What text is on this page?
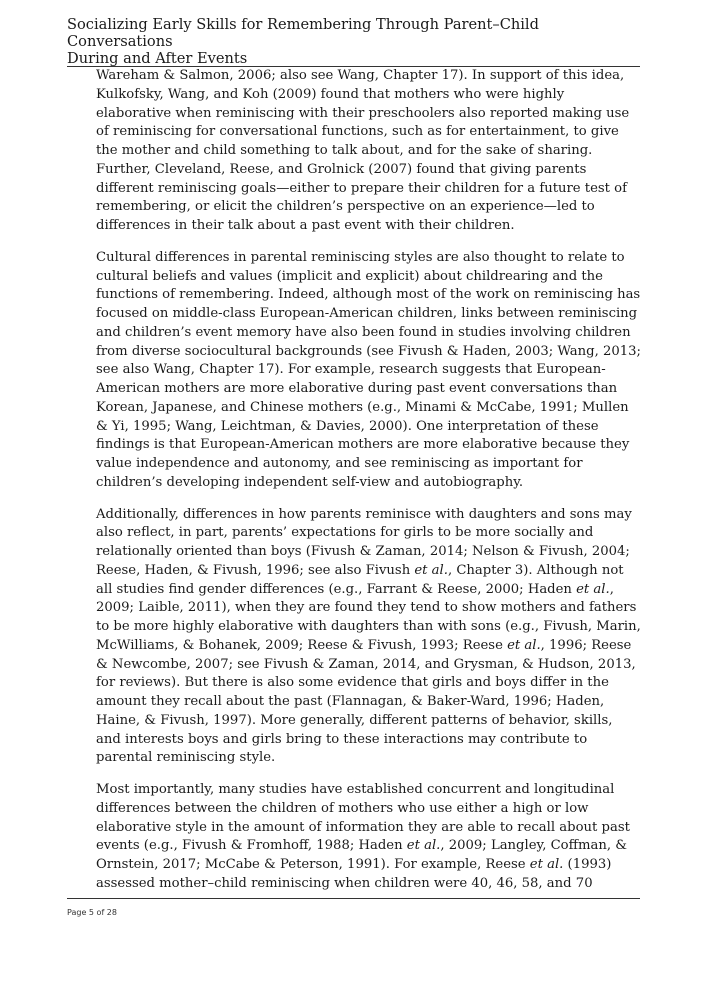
Socializing Early Skills for Remembering Through Parent–Child Conversations
During and After Events

Wareham & Salmon, 2006; also see Wang, Chapter 17). In support of this idea,
Kulkofsky, Wang, and Koh (2009) found that mothers who were highly
elaborative when reminiscing with their preschoolers also reported making use
of reminiscing for conversational functions, such as for entertainment, to give
the mother and child something to talk about, and for the sake of sharing.
Further, Cleveland, Reese, and Grolnick (2007) found that giving parents
different reminiscing goals—either to prepare their children for a future test of
remembering, or elicit the children’s perspective on an experience—led to
differences in their talk about a past event with their children.

Cultural differences in parental reminiscing styles are also thought to relate to
cultural beliefs and values (implicit and explicit) about childrearing and the
functions of remembering. Indeed, although most of the work on reminiscing has
focused on middle-class European-American children, links between reminiscing
and children’s event memory have also been found in studies involving children
from diverse sociocultural backgrounds (see Fivush & Haden, 2003; Wang, 2013;
see also Wang, Chapter 17). For example, research suggests that European-
American mothers are more elaborative during past event conversations than
Korean, Japanese, and Chinese mothers (e.g., Minami & McCabe, 1991; Mullen
& Yi, 1995; Wang, Leichtman, & Davies, 2000). One interpretation of these
findings is that European-American mothers are more elaborative because they
value independence and autonomy, and see reminiscing as important for
children’s developing independent self-view and autobiography.

Additionally, differences in how parents reminisce with daughters and sons may
also reflect, in part, parents’ expectations for girls to be more socially and
relationally oriented than boys (Fivush & Zaman, 2014; Nelson & Fivush, 2004;
Reese, Haden, & Fivush, 1996; see also Fivush et al., Chapter 3). Although not
all studies find gender differences (e.g., Farrant & Reese, 2000; Haden et al.,
2009; Laible, 2011), when they are found they tend to show mothers and fathers
to be more highly elaborative with daughters than with sons (e.g., Fivush, Marin,
McWilliams, & Bohanek, 2009; Reese & Fivush, 1993; Reese et al., 1996; Reese
& Newcombe, 2007; see Fivush & Zaman, 2014, and Grysman, & Hudson, 2013,
for reviews). But there is also some evidence that girls and boys differ in the
amount they recall about the past (Flannagan, & Baker-Ward, 1996; Haden,
Haine, & Fivush, 1997). More generally, different patterns of behavior, skills,
and interests boys and girls bring to these interactions may contribute to
parental reminiscing style.

Most importantly, many studies have established concurrent and longitudinal
differences between the children of mothers who use either a high or low
elaborative style in the amount of information they are able to recall about past
events (e.g., Fivush & Fromhoff, 1988; Haden et al., 2009; Langley, Coffman, &
Ornstein, 2017; McCabe & Peterson, 1991). For example, Reese et al. (1993)
assessed mother–child reminiscing when children were 40, 46, 58, and 70

Page 5 of 28
